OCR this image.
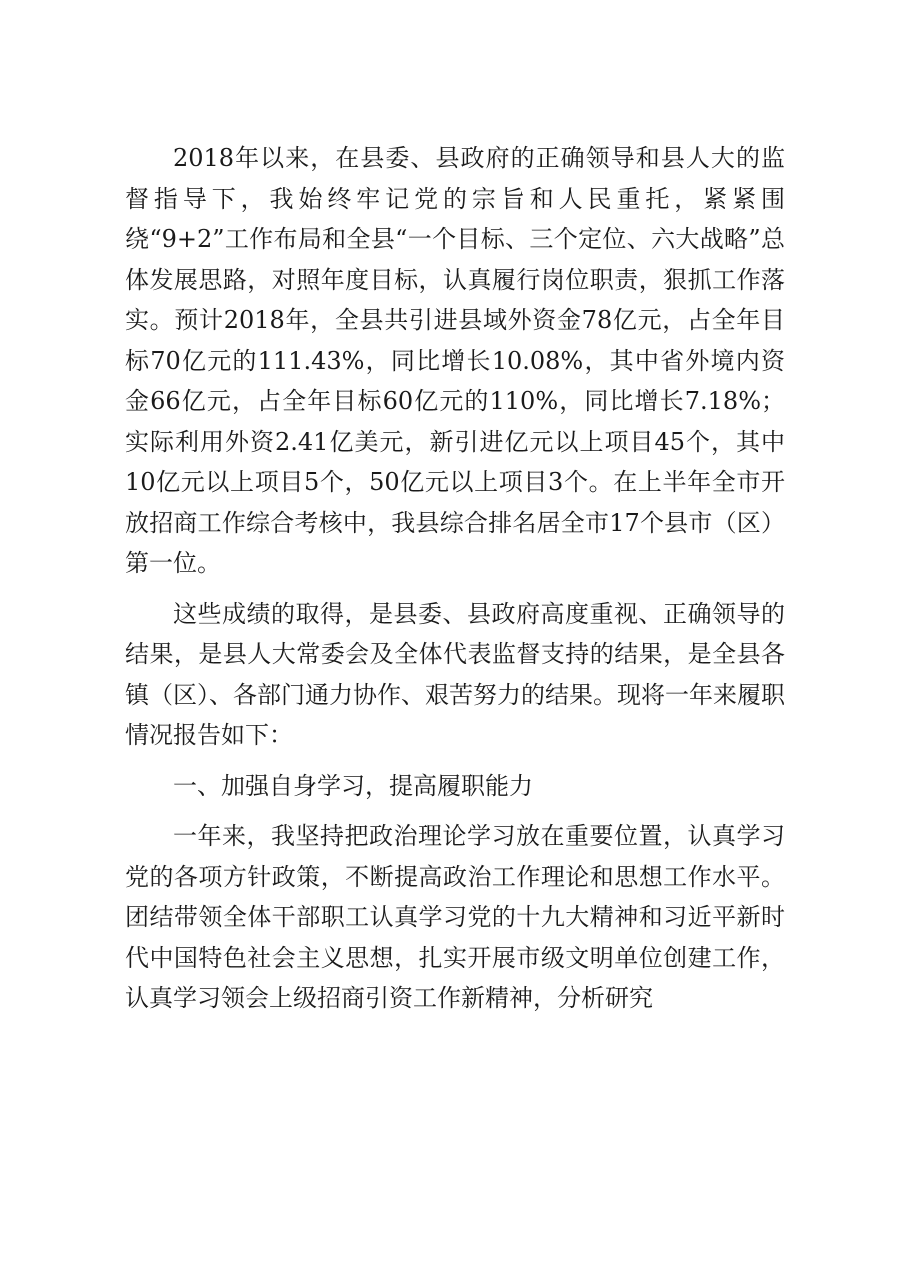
2018年以来，在县委、县政府的正确领导和县人大的监督指导下，我始终牢记党的宗旨和人民重托，紧紧围绕“9+2”工作布局和全县“一个目标、三个定位、六大战略”总体发展思路，对照年度目标，认真履行岗位职责，狠抓工作落实。预计2018年，全县共引进县域外资金78亿元，占全年目标70亿元的111.43%，同比增长10.08%，其中省外境内资金66亿元，占全年目标60亿元的110%，同比增长7.18%；实际利用外资2.41亿美元，新引进亿元以上项目45个，其中10亿元以上项目5个，50亿元以上项目3个。在上半年全市开放招商工作综合考核中，我县综合排名居全市17个县市（区）第一位。

这些成绩的取得，是县委、县政府高度重视、正确领导的结果，是县人大常委会及全体代表监督支持的结果，是全县各镇（区）、各部门通力协作、艰苦努力的结果。现将一年来履职情况报告如下：

一、加强自身学习，提高履职能力

一年来，我坚持把政治理论学习放在重要位置，认真学习党的各项方针政策，不断提高政治工作理论和思想工作水平。团结带领全体干部职工认真学习党的十九大精神和习近平新时代中国特色社会主义思想，扎实开展市级文明单位创建工作，认真学习领会上级招商引资工作新精神，分析研究
